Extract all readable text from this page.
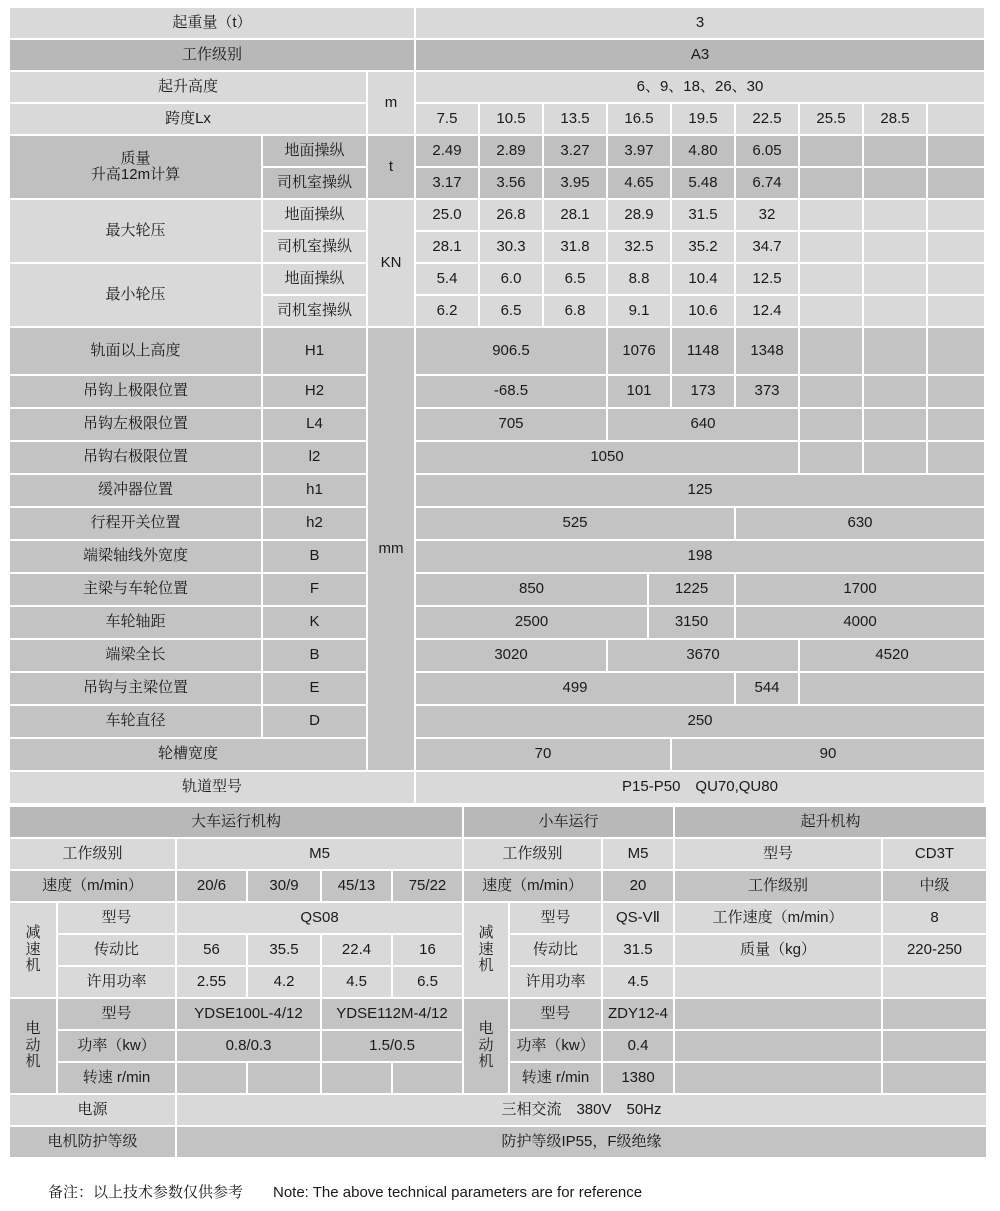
起重量（t）	3
工作级别	A3
起升高度
m
6、9、18、26、30
跨度Lx	7.5	10.5	13.5	16.5	19.5	22.5	25.5	28.5
质量
升高12m计算
地面操纵
t
2.49	2.89	3.27	3.97	4.80	6.05
司机室操纵	3.17	3.56	3.95	4.65	5.48	6.74
最大轮压
地面操纵
KN
25.0	26.8	28.1	28.9	31.5	32
司机室操纵	28.1	30.3	31.8	32.5	35.2	34.7
最小轮压
地面操纵	5.4	6.0	6.5	8.8	10.4	12.5
司机室操纵	6.2	6.5	6.8	9.1	10.6	12.4
轨面以上高度	H1
mm
906.5	1076	1148	1348
吊钩上极限位置	H2	-68.5	101	173	373
吊钩左极限位置	L4	705	640
吊钩右极限位置	l2	1050
缓冲器位置	h1	125
行程开关位置	h2	525	630
端梁轴线外宽度	B	198
主梁与车轮位置	F	850	1225	1700
车轮轴距	K	2500	3150	4000
端梁全长	B	3020	3670	4520
吊钩与主梁位置	E	499	544
车轮直径	D	250
轮槽宽度	70	90
轨道型号	P15-P50　QU70,QU80
大车运行机构	小车运行	起升机构
工作级别	M5	工作级别	M5	型号	CD3T
速度（m/min）	20/6	30/9	45/13	75/22	速度（m/min）	20	工作级别	中级
减
速
机
型号	QS08
减
速
机
型号	QS-VⅡ	工作速度（m/min）	8
传动比	56	35.5	22.4	16	传动比	31.5	质量（kg）	220-250
许用功率	2.55	4.2	4.5	6.5	许用功率	4.5
电
动
机
型号	YDSE100L-4/12	YDSE112M-4/12
电
动
机
型号	ZDY12-4
功率（kw）	0.8/0.3	1.5/0.5	功率（kw）	0.4
转速 r/min	转速 r/min	1380
电源	三相交流　380V　50Hz
电机防护等级	防护等级IP55，F级绝缘
备注：以上技术参数仅供参考　　Note: The above technical parameters are for reference
